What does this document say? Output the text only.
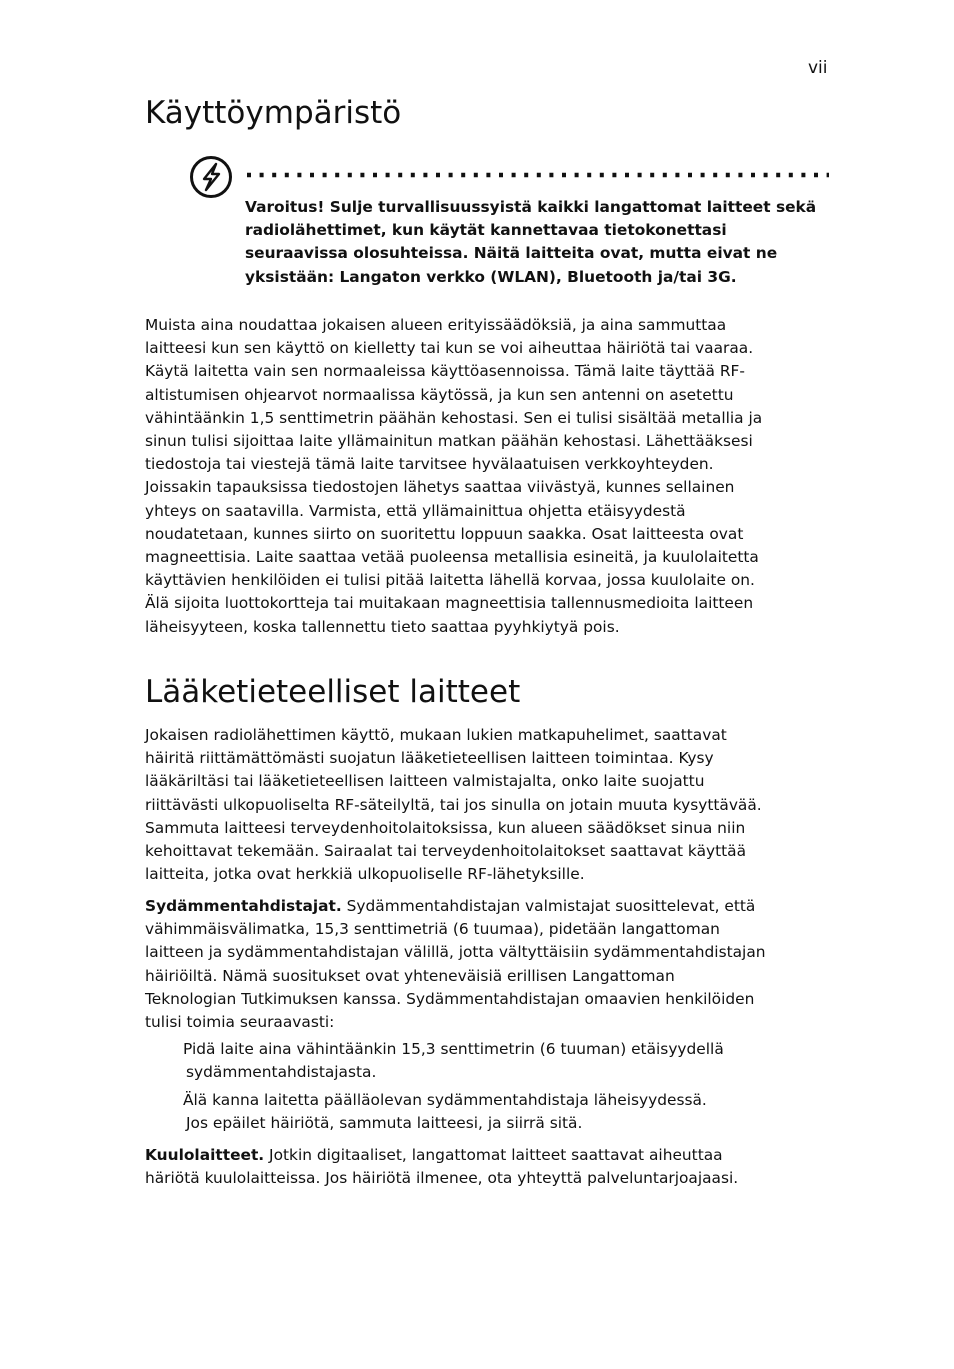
vii
Käyttöympäristö
Varoitus! Sulje turvallisuussyistä kaikki langattomat laitteet sekä
radiolähettimet, kun käytät kannettavaa tietokonettasi
seuraavissa olosuhteissa. Näitä laitteita ovat, mutta eivat ne
yksistään: Langaton verkko (WLAN), Bluetooth ja/tai 3G.
Muista aina noudattaa jokaisen alueen erityissäädöksiä, ja aina sammuttaa
laitteesi kun sen käyttö on kielletty tai kun se voi aiheuttaa häiriötä tai vaaraa.
Käytä laitetta vain sen normaaleissa käyttöasennoissa. Tämä laite täyttää RF-
altistumisen ohjearvot normaalissa käytössä, ja kun sen antenni on asetettu
vähintäänkin 1,5 senttimetrin päähän kehostasi. Sen ei tulisi sisältää metallia ja
sinun tulisi sijoittaa laite yllämainitun matkan päähän kehostasi. Lähettääksesi
tiedostoja tai viestejä tämä laite tarvitsee hyvälaatuisen verkkoyhteyden.
Joissakin tapauksissa tiedostojen lähetys saattaa viivästyä, kunnes sellainen
yhteys on saatavilla. Varmista, että yllämainittua ohjetta etäisyydestä
noudatetaan, kunnes siirto on suoritettu loppuun saakka. Osat laitteesta ovat
magneettisia. Laite saattaa vetää puoleensa metallisia esineitä, ja kuulolaitetta
käyttävien henkilöiden ei tulisi pitää laitetta lähellä korvaa, jossa kuulolaite on.
Älä sijoita luottokortteja tai muitakaan magneettisia tallennusmedioita laitteen
läheisyyteen, koska tallennettu tieto saattaa pyyhkiytyä pois.
Lääketieteelliset laitteet
Jokaisen radiolähettimen käyttö, mukaan lukien matkapuhelimet, saattavat
häiritä riittämättömästi suojatun lääketieteellisen laitteen toimintaa. Kysy
lääkäriltäsi tai lääketieteellisen laitteen valmistajalta, onko laite suojattu
riittävästi ulkopuoliselta RF-säteilyltä, tai jos sinulla on jotain muuta kysyttävää.
Sammuta laitteesi terveydenhoitolaitoksissa, kun alueen säädökset sinua niin
kehoittavat tekemään. Sairaalat tai terveydenhoitolaitokset saattavat käyttää
laitteita, jotka ovat herkkiä ulkopuoliselle RF-lähetyksille.
Sydämmentahdistajat. Sydämmentahdistajan valmistajat suosittelevat, että
vähimmäisvälimatka, 15,3 senttimetriä (6 tuumaa), pidetään langattoman
laitteen ja sydämmentahdistajan välillä, jotta vältyttäisiin sydämmentahdistajan
häiriöiltä. Nämä suositukset ovat yhteneväisiä erillisen Langattoman
Teknologian Tutkimuksen kanssa. Sydämmentahdistajan omaavien henkilöiden
tulisi toimia seuraavasti:
Pidä laite aina vähintäänkin 15,3 senttimetrin (6 tuuman) etäisyydellä
sydämmentahdistajasta.
Älä kanna laitetta päälläolevan sydämmentahdistaja läheisyydessä.
Jos epäilet häiriötä, sammuta laitteesi, ja siirrä sitä.
Kuulolaitteet. Jotkin digitaaliset, langattomat laitteet saattavat aiheuttaa
häriötä kuulolaitteissa. Jos häiriötä ilmenee, ota yhteyttä palveluntarjoajaasi.
